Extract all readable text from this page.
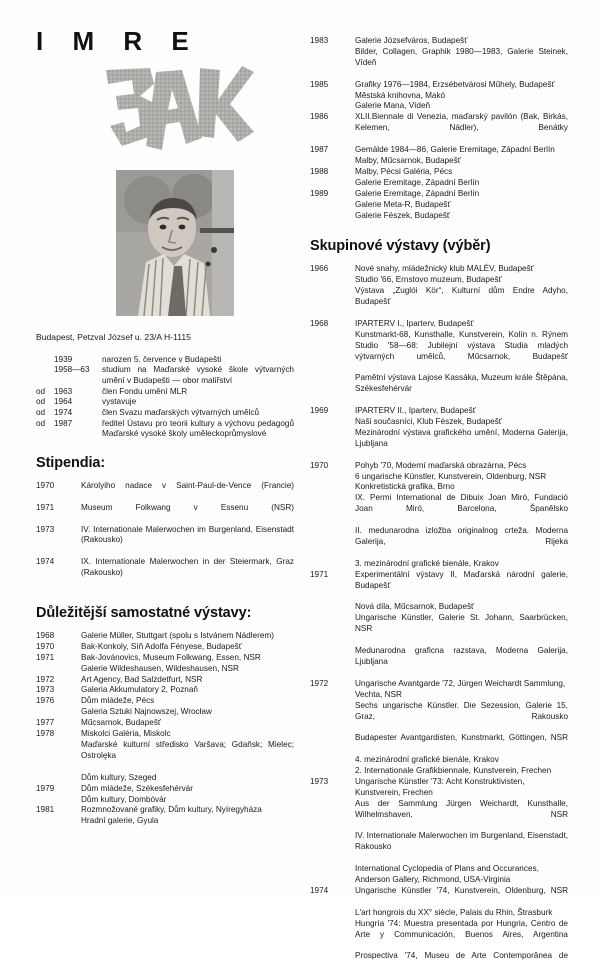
I M R E
Budapest, Petzval József u. 23/A H-1115
1939	narozen 5. července v Budapešti
1958—63	studium na Maďarské vysoké škole výtvarných umění v Budapešti — obor malířství
od	1963	člen Fondu umění MLR
od	1964	vystavuje
od	1974	člen Svazu maďarských výtvarných umělců
od	1987	ředitel Ústavu pro teorii kultury a výchovu pedagogů Maďarské vysoké školy uměleckoprůmyslové
Stipendia:
1970	Károlyiho nadace v Saint-Paul-de-Vence (Francie)
1971	Museum Folkwang v Essenu (NSR)
1973	IV. Internationale Malerwochen im Burgenland, Eisenstadt (Rakousko)
1974	IX. Internationale Malerwochen in der Steiermark, Graz (Rakousko)
Důležitější samostatné výstavy:
1968	Galerie Müller, Stuttgart (spolu s Istvánem Nádlerem)
1970	Bak-Konkoly, Síň Adolfa Fényese, Budapešť
1971	Bak-Jovánovics, Museum Folkwang, Essen, NSR
Galerie Wildeshausen, Wildeshausen, NSR
1972	Art Agency, Bad Salzdetfurt, NSR
1973	Galeria Akkumulatory 2, Poznaň
1976	Dům mládeže, Pécs
Galeria Sztuki Najnowszej, Wrocław
1977	Műcsarnok, Budapešť
1978	Miskolci Galéria, Miskolc
Maďarské kulturní středisko Varšava; Gdaňsk; Mielec; Ostrolęka
Dům kultury, Szeged
1979	Dům mládeže, Székesfehérvár
Dům kultury, Dombóvár
1981	Rozmnožované grafiky, Dům kultury, Nyíregyháza
Hradní galerie, Gyula
1983	Galerie Józsefváros, Budapešť
Bilder, Collagen, Graphik 1980—1983, Galerie Steinek, Vídeň
1985	Grafiky 1976—1984, Erzsébetvárosi Műhely, Budapešť
Městská knihovna, Makó
Galerie Mana, Vídeň
1986	XLII.Biennale di Venezia, maďarský pavilón (Bak, Birkás, Kelemen, Nádler), Benátky
1987	Gemälde 1984—86, Galerie Eremitage, Západní Berlín
Malby, Műcsarnok, Budapešť
1988	Malby, Pécsi Galéria, Pécs
Galerie Eremitage, Západní Berlín
1989	Galerie Eremitage, Západní Berlín
Galerie Meta-R, Budapešť
Galerie Fészek, Budapešť
Skupinové výstavy (výběr)
1966	Nové snahy, mládežnický klub MALÉV, Budapešť
Studio '66, Ernstovo muzeum, Budapešť
Výstava „Zuglói Kör“, Kulturní dům Endre Adyho, Budapešť
1968	IPARTERV I., Iparterv, Budapešť
Kunstmarkt-68, Kunsthalle, Kunstverein, Kolín n. Rýnem Studio '58—68: Jubilejní výstava Studia mladých výtvarných umělců, Műcsarnok, Budapešť
Pamětní výstava Lajose Kassáka, Muzeum krále Štěpána, Székesfehérvár
1969	IPARTERV II., Iparterv, Budapešť
Naši současníci, Klub Fészek, Budapešť
Mezinárodní výstava grafického umění, Moderna Galerija, Ljubljana
1970	Pohyb '70, Moderní maďarská obrazárna, Pécs
6 ungarische Künstler, Kunstverein, Oldenburg, NSR
Konkretistická grafika, Brno
IX. Permi International de Dibuix Joan Miró, Fundació Joan Miró, Barcelona, Španělsko
II. medunarodna izložba originalnog crteža. Moderna Galerija, Rijeka
3. mezinárodní grafické bienále, Krakov
1971	Experimentální výstavy II, Maďarská národní galerie, Budapešť
Nová díla, Műcsarnok, Budapešť
Ungarische Künstler, Galerie St. Johann, Saarbrücken, NSR
Medunarodna graficna razstava, Moderna Galerija, Ljubljana
1972	Ungarische Avantgarde '72, Jürgen Weichardt Sammlung, Vechta, NSR
Sechs ungarische Künstler. Die Sezession, Galerie 15, Graz, Rakousko
Budapester Avantgardisten, Kunstmarkt, Göttingen, NSR
4. mezinárodní grafické bienále, Krakov
2. Internationale Grafikbiennale, Kunstverein, Frechen
1973	Ungarische Künstler '73: Acht Konstruktivisten, Kunstverein, Frechen
Aus der Sammlung Jürgen Weichardt, Kunsthalle, Wilhelmshaven, NSR
IV. Internationale Malerwochen im Burgenland, Eisenstadt, Rakousko
International Cyclopedia of Plans and Occurances, Anderson Gallery, Richmond, USA-Virginia
1974	Ungarische Künstler '74, Kunstverein, Oldenburg, NSR
L'art hongrois du XX° siècle, Palais du Rhin, Štrasburk
Hungría '74: Muestra presentada por Hungria, Centro de Arte y Communicación, Buenos Aires, Argentina
Prospectiva '74, Museu de Arte Contemporânea de
